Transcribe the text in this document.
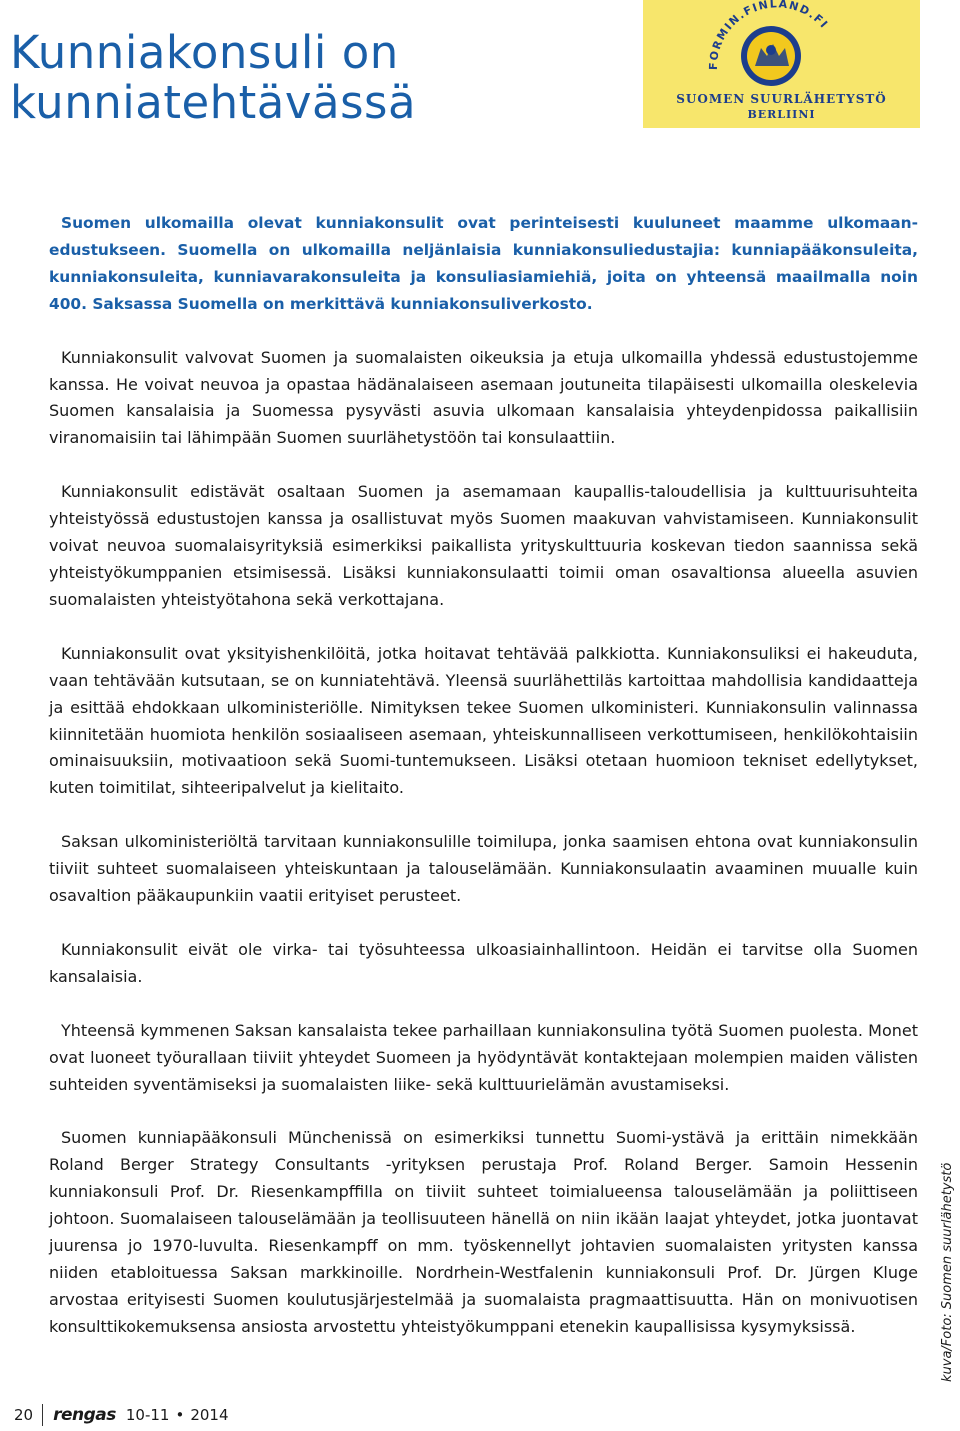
Kunniakonsuli on
kunniatehtävässä
FORMIN.FINLAND.FI
SUOMEN SUURLÄHETYSTÖ
BERLIINI

Suomen ulkomailla olevat kunniakonsulit ovat perinteisesti kuuluneet maamme ulkomaanedustukseen. Suomella on ulkomailla neljänlaisia kunniakonsuliedustajia: kunniapääkonsuleita, kunniakonsuleita, kunniavarakonsuleita ja konsuliasiamiehiä, joita on yhteensä maailmalla noin 400. Saksassa Suomella on merkittävä kunniakonsuliverkosto.

Kunniakonsulit valvovat Suomen ja suomalaisten oikeuksia ja etuja ulkomailla yhdessä edustustojemme kanssa. He voivat neuvoa ja opastaa hädänalaiseen asemaan joutuneita tilapäisesti ulkomailla oleskelevia Suomen kansalaisia ja Suomessa pysyvästi asuvia ulkomaan kansalaisia yhteydenpidossa paikallisiin viranomaisiin tai lähimpään Suomen suurlähetystöön tai konsulaattiin.

Kunniakonsulit edistävät osaltaan Suomen ja asemamaan kaupallis-taloudellisia ja kulttuurisuhteita yhteistyössä edustustojen kanssa ja osallistuvat myös Suomen maakuvan vahvistamiseen. Kunniakonsulit voivat neuvoa suomalaisyrityksiä esimerkiksi paikallista yrityskulttuuria koskevan tiedon saannissa sekä yhteistyökumppanien etsimisessä. Lisäksi kunniakonsulaatti toimii oman osavaltionsa alueella asuvien suomalaisten yhteistyötahona sekä verkottajana.

Kunniakonsulit ovat yksityishenkilöitä, jotka hoitavat tehtävää palkkiotta. Kunniakonsuliksi ei hakeuduta, vaan tehtävään kutsutaan, se on kunniatehtävä. Yleensä suurlähettiläs kartoittaa mahdollisia kandidaatteja ja esittää ehdokkaan ulkoministeriölle. Nimityksen tekee Suomen ulkoministeri. Kunniakonsulin valinnassa kiinnitetään huomiota henkilön sosiaaliseen asemaan, yhteiskunnalliseen verkottumiseen, henkilökohtaisiin ominaisuuksiin, motivaatioon sekä Suomi-tuntemukseen. Lisäksi otetaan huomioon tekniset edellytykset, kuten toimitilat, sihteeripalvelut ja kielitaito.

Saksan ulkoministeriöltä tarvitaan kunniakonsulille toimilupa, jonka saamisen ehtona ovat kunniakonsulin tiiviit suhteet suomalaiseen yhteiskuntaan ja talouselämään. Kunniakonsulaatin avaaminen muualle kuin osavaltion pääkaupunkiin vaatii erityiset perusteet.

Kunniakonsulit eivät ole virka- tai työsuhteessa ulkoasiainhallintoon. Heidän ei tarvitse olla Suomen kansalaisia.

Yhteensä kymmenen Saksan kansalaista tekee parhaillaan kunniakonsulina työtä Suomen puolesta. Monet ovat luoneet työurallaan tiiviit yhteydet Suomeen ja hyödyntävät kontaktejaan molempien maiden välisten suhteiden syventämiseksi ja suomalaisten liike- sekä kulttuurielämän avustamiseksi.

Suomen kunniapääkonsuli Münchenissä on esimerkiksi tunnettu Suomi-ystävä ja erittäin nimekkään Roland Berger Strategy Consultants -yrityksen perustaja Prof. Roland Berger. Samoin Hessenin kunniakonsuli Prof. Dr. Riesenkampffilla on tiiviit suhteet toimialueensa talouselämään ja poliittiseen johtoon. Suomalaiseen talouselämään ja teollisuuteen hänellä on niin ikään laajat yhteydet, jotka juontavat juurensa jo 1970-luvulta. Riesenkampff on mm. työskennellyt johtavien suomalaisten yritysten kanssa niiden etabloituessa Saksan markkinoille. Nordrhein-Westfalenin kunniakonsuli Prof. Dr. Jürgen Kluge arvostaa erityisesti Suomen koulutusjärjestelmää ja suomalaista pragmaattisuutta. Hän on monivuotisen konsulttikokemuksensa ansiosta arvostettu yhteistyökumppani etenekin kaupallisissa kysymyksissä.	kuva/Foto: Suomen suurlähetystö
20 rengas 10-11 • 2014
